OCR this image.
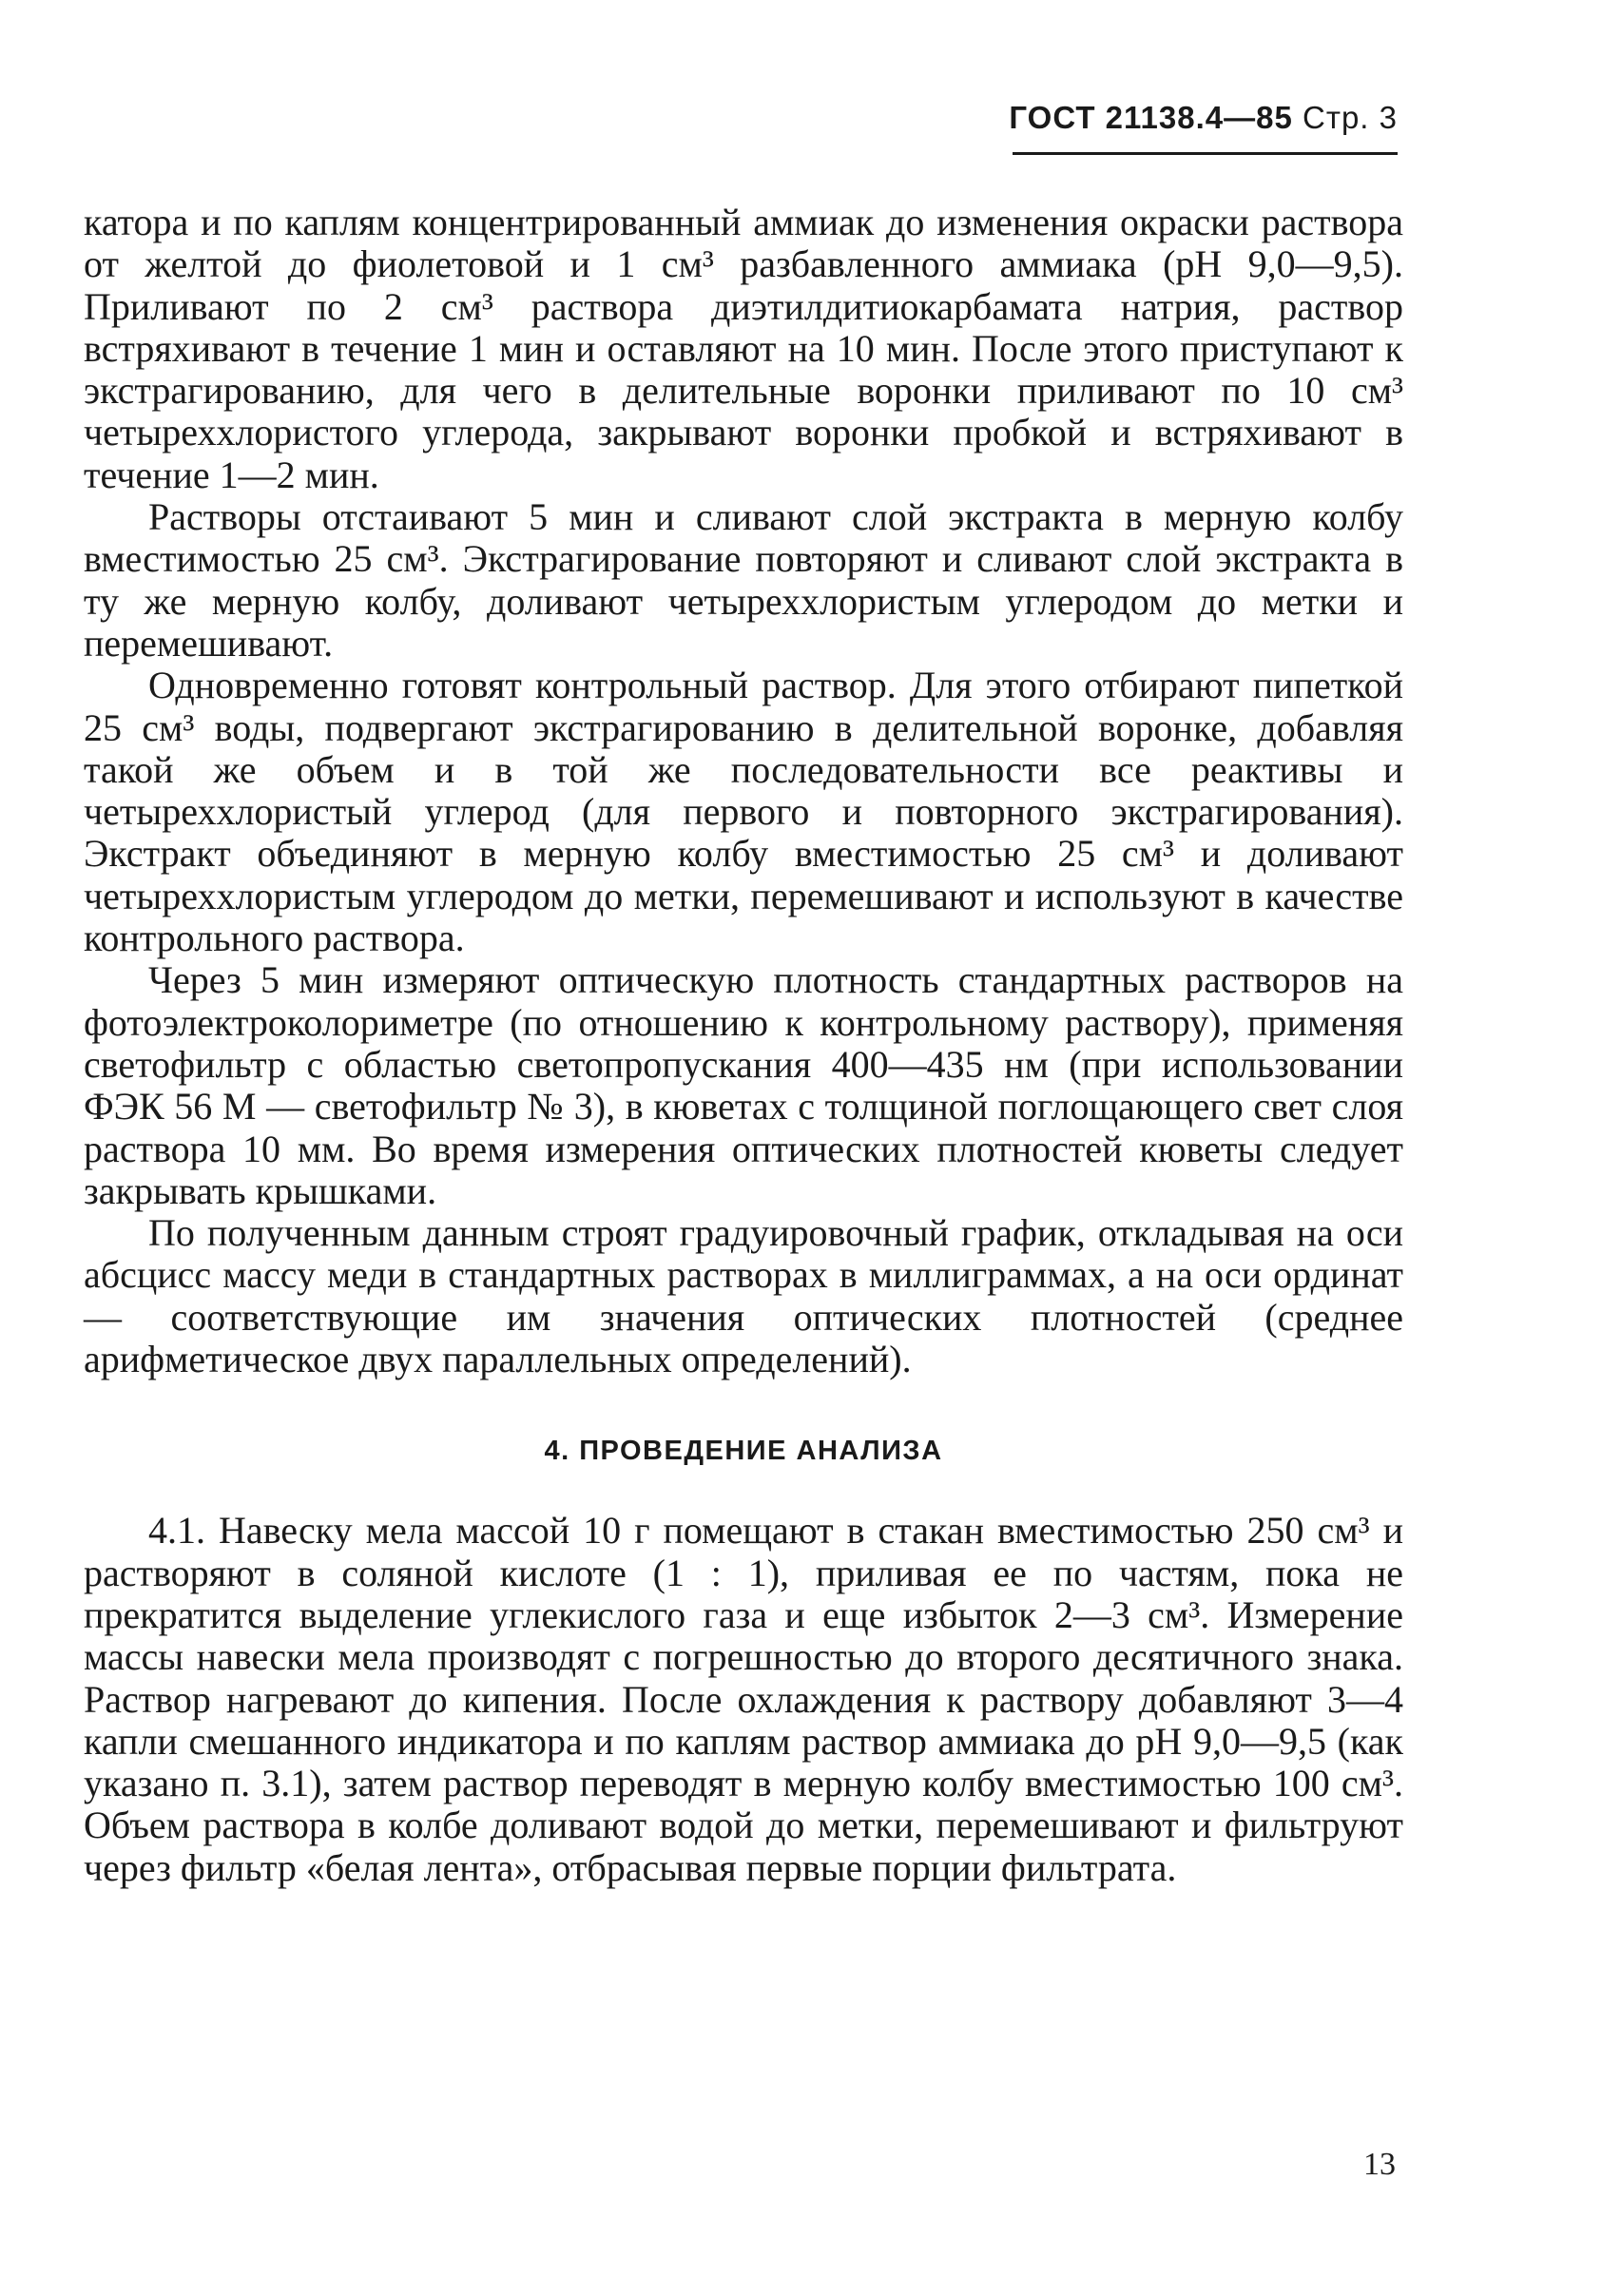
ГОСТ 21138.4—85 Стр. 3

катора и по каплям концентрированный аммиак до изменения окраски раствора от желтой до фиолетовой и 1 см³ разбавленного аммиака (pH 9,0—9,5). Приливают по 2 см³ раствора диэтилдитиокарбамата натрия, раствор встряхивают в течение 1 мин и оставляют на 10 мин. После этого приступают к экстрагированию, для чего в делительные воронки приливают по 10 см³ четыреххлористого углерода, закрывают воронки пробкой и встряхивают в течение 1—2 мин.

Растворы отстаивают 5 мин и сливают слой экстракта в мерную колбу вместимостью 25 см³. Экстрагирование повторяют и сливают слой экстракта в ту же мерную колбу, доливают четыреххлористым углеродом до метки и перемешивают.

Одновременно готовят контрольный раствор. Для этого отбирают пипеткой 25 см³ воды, подвергают экстрагированию в делительной воронке, добавляя такой же объем и в той же последовательности все реактивы и четыреххлористый углерод (для первого и повторного экстрагирования). Экстракт объединяют в мерную колбу вместимостью 25 см³ и доливают четыреххлористым углеродом до метки, перемешивают и используют в качестве контрольного раствора.

Через 5 мин измеряют оптическую плотность стандартных растворов на фотоэлектроколориметре (по отношению к контрольному раствору), применяя светофильтр с областью светопропускания 400—435 нм (при использовании ФЭК 56 М — светофильтр № 3), в кюветах с толщиной поглощающего свет слоя раствора 10 мм. Во время измерения оптических плотностей кюветы следует закрывать крышками.

По полученным данным строят градуировочный график, откладывая на оси абсцисс массу меди в стандартных растворах в миллиграммах, а на оси ординат — соответствующие им значения оптических плотностей (среднее арифметическое двух параллельных определений).

4. ПРОВЕДЕНИЕ АНАЛИЗА

4.1. Навеску мела массой 10 г помещают в стакан вместимостью 250 см³ и растворяют в соляной кислоте (1 : 1), приливая ее по частям, пока не прекратится выделение углекислого газа и еще избыток 2—3 см³. Измерение массы навески мела производят с погрешностью до второго десятичного знака. Раствор нагревают до кипения. После охлаждения к раствору добавляют 3—4 капли смешанного индикатора и по каплям раствор аммиака до pH 9,0—9,5 (как указано п. 3.1), затем раствор переводят в мерную колбу вместимостью 100 см³. Объем раствора в колбе доливают водой до метки, перемешивают и фильтруют через фильтр «белая лента», отбрасывая первые порции фильтрата.

13
